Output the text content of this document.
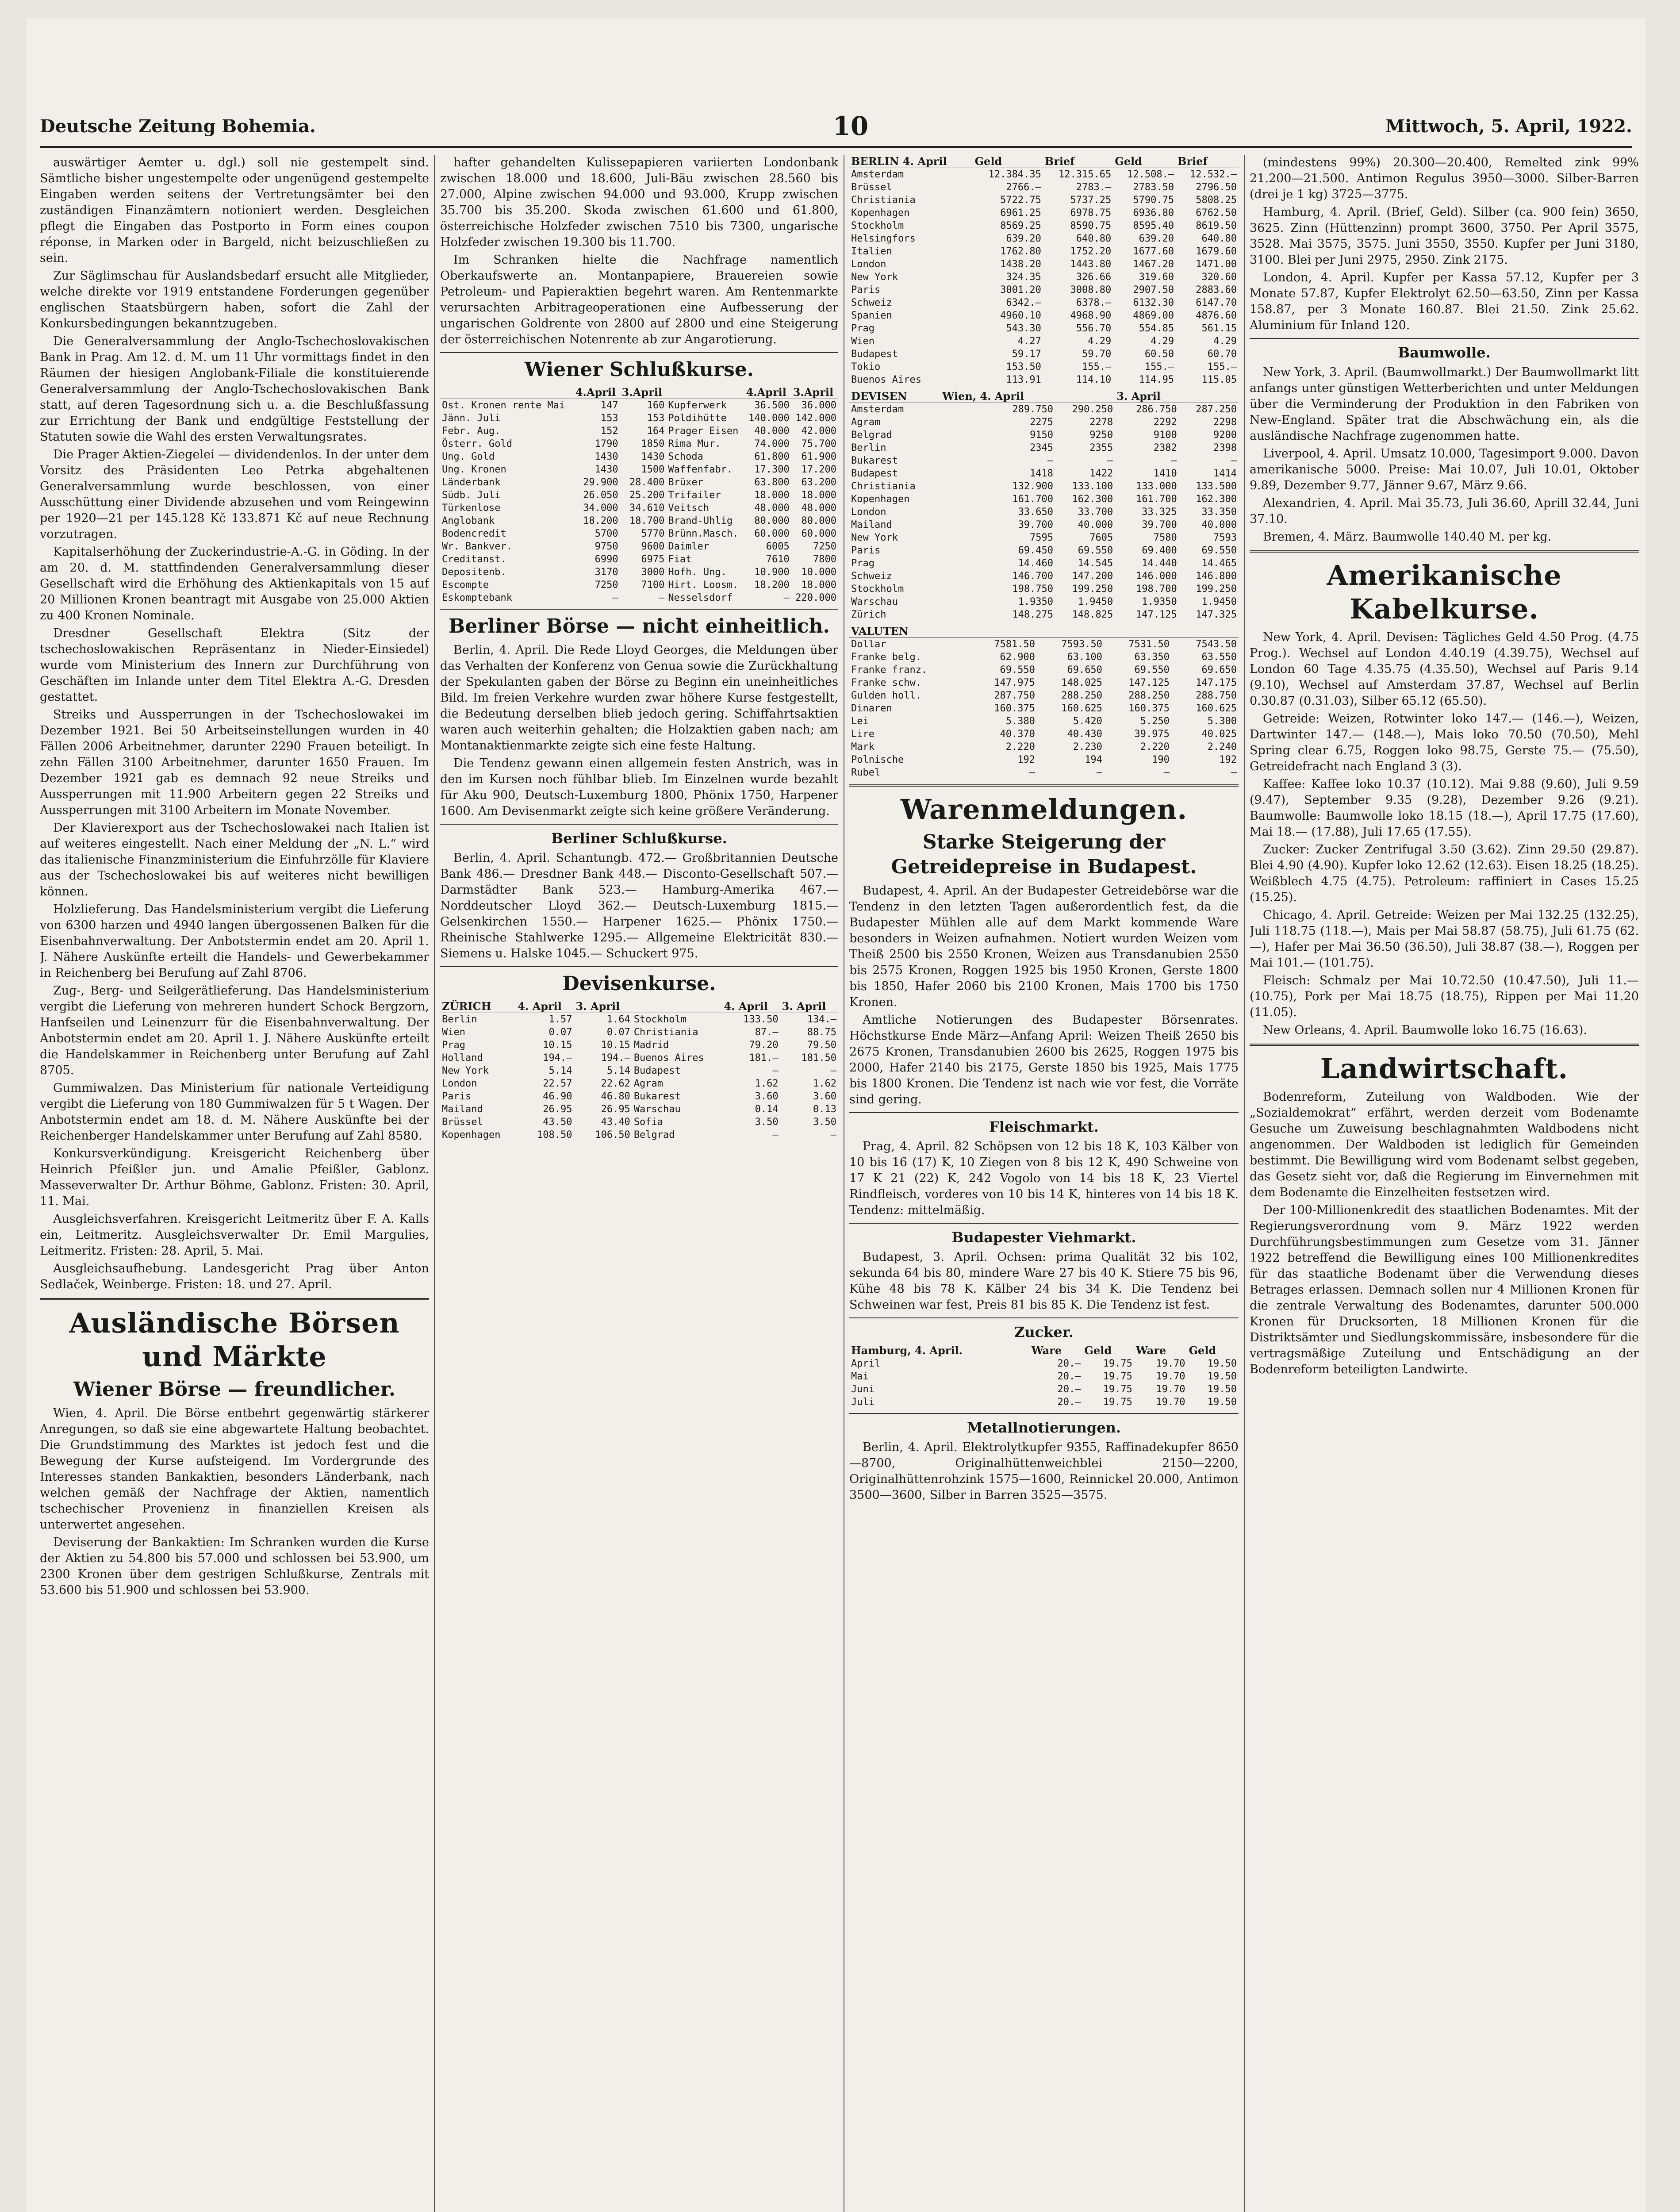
Deutsche Zeitung Bohemia.	10	Mittwoch, 5. April, 1922.

auswärtiger Aemter u. dgl.) soll nie gestempelt sind. Sämtliche bisher ungestempelte oder ungenügend gestempelte Eingaben werden seitens der Vertretungsämter bei den zuständigen Finanzämtern notioniert werden. Desgleichen pflegt die Eingaben das Postporto in Form eines coupon réponse, in Marken oder in Bargeld, nicht beizuschließen zu sein.

Zur Säglimschau für Auslandsbedarf ersucht alle Mitglieder, welche direkte vor 1919 entstandene Forderungen gegenüber englischen Staatsbürgern haben, sofort die Zahl der Konkursbedingungen bekanntzugeben.

Die Generalversammlung der Anglo-Tschechoslovakischen Bank in Prag. Am 12. d. M. um 11 Uhr vormittags findet in den Räumen der hiesigen Anglobank-Filiale die konstituierende Generalversammlung der Anglo-Tschechoslovakischen Bank statt, auf deren Tagesordnung sich u. a. die Beschlußfassung zur Errichtung der Bank und endgültige Feststellung der Statuten sowie die Wahl des ersten Verwaltungsrates.

Die Prager Aktien-Ziegelei — dividendenlos. In der unter dem Vorsitz des Präsidenten Leo Petrka abgehaltenen Generalversammlung wurde beschlossen, von einer Ausschüttung einer Dividende abzusehen und vom Reingewinn per 1920—21 per 145.128 Kč 133.871 Kč auf neue Rechnung vorzutragen.

Kapitalserhöhung der Zuckerindustrie-A.-G. in Göding. In der am 20. d. M. stattfindenden Generalversammlung dieser Gesellschaft wird die Erhöhung des Aktienkapitals von 15 auf 20 Millionen Kronen beantragt mit Ausgabe von 25.000 Aktien zu 400 Kronen Nominale.

Dresdner Gesellschaft Elektra (Sitz der tschechoslowakischen Repräsentanz in Nieder-Einsiedel) wurde vom Ministerium des Innern zur Durchführung von Geschäften im Inlande unter dem Titel Elektra A.-G. Dresden gestattet.

Streiks und Aussperrungen in der Tschechoslowakei im Dezember 1921. Bei 50 Arbeitseinstellungen wurden in 40 Fällen 2006 Arbeitnehmer, darunter 2290 Frauen beteiligt. In zehn Fällen 3100 Arbeitnehmer, darunter 1650 Frauen. Im Dezember 1921 gab es demnach 92 neue Streiks und Aussperrungen mit 11.900 Arbeitern gegen 22 Streiks und Aussperrungen mit 3100 Arbeitern im Monate November.

Der Klavierexport aus der Tschechoslowakei nach Italien ist auf weiteres eingestellt. Nach einer Meldung der „N. L.“ wird das italienische Finanzministerium die Einfuhrzölle für Klaviere aus der Tschechoslowakei bis auf weiteres nicht bewilligen können.

Holzlieferung. Das Handelsministerium vergibt die Lieferung von 6300 harzen und 4940 langen übergossenen Balken für die Eisenbahnverwaltung. Der Anbotstermin endet am 20. April 1. J. Nähere Auskünfte erteilt die Handels- und Gewerbekammer in Reichenberg bei Berufung auf Zahl 8706.

Zug-, Berg- und Seilgerätlieferung. Das Handelsministerium vergibt die Lieferung von mehreren hundert Schock Bergzorn, Hanfseilen und Leinenzurr für die Eisenbahnverwaltung. Der Anbotstermin endet am 20. April 1. J. Nähere Auskünfte erteilt die Handelskammer in Reichenberg unter Berufung auf Zahl 8705.

Gummiwalzen. Das Ministerium für nationale Verteidigung vergibt die Lieferung von 180 Gummiwalzen für 5 t Wagen. Der Anbotstermin endet am 18. d. M. Nähere Auskünfte bei der Reichenberger Handelskammer unter Berufung auf Zahl 8580.

Konkursverkündigung. Kreisgericht Reichenberg über Heinrich Pfeißler jun. und Amalie Pfeißler, Gablonz. Masseverwalter Dr. Arthur Böhme, Gablonz. Fristen: 30. April, 11. Mai.

Ausgleichsverfahren. Kreisgericht Leitmeritz über F. A. Kalls ein, Leitmeritz. Ausgleichsverwalter Dr. Emil Margulies, Leitmeritz. Fristen: 28. April, 5. Mai.

Ausgleichsaufhebung. Landesgericht Prag über Anton Sedlaček, Weinberge. Fristen: 18. und 27. April.

Ausländische Börsen und Märkte
Wiener Börse — freundlicher.

Wien, 4. April. Die Börse entbehrt gegenwärtig stärkerer Anregungen, so daß sie eine abgewartete Haltung beobachtet. Die Grundstimmung des Marktes ist jedoch fest und die Bewegung der Kurse aufsteigend. Im Vordergrunde des Interesses standen Bankaktien, besonders Länderbank, nach welchen gemäß der Nachfrage der Aktien, namentlich tschechischer Provenienz in finanziellen Kreisen als unterwertet angesehen.

Deviserung der Bankaktien: Im Schranken wurden die Kurse der Aktien zu 54.800 bis 57.000 und schlossen bei 53.900, um 2300 Kronen über dem gestrigen Schlußkurse, Zentrals mit 53.600 bis 51.900 und schlossen bei 53.900.

hafter gehandelten Kulissepapieren variierten Londonbank zwischen 18.000 und 18.600, Juli-Bäu zwischen 28.560 bis 27.000, Alpine zwischen 94.000 und 93.000, Krupp zwischen 35.700 bis 35.200. Skoda zwischen 61.600 und 61.800, österreichische Holzfeder zwischen 7510 bis 7300, ungarische Holzfeder zwischen 19.300 bis 11.700.

Im Schranken hielte die Nachfrage namentlich Oberkaufswerte an. Montanpapiere, Brauereien sowie Petroleum- und Papieraktien begehrt waren. Am Rentenmarkte verursachten Arbitrageoperationen eine Aufbesserung der ungarischen Goldrente von 2800 auf 2800 und eine Steigerung der österreichischen Notenrente ab zur Angarotierung.

Wiener Schlußkurse.
	4.April	3.April		4.April	3.April
Ost. Kronen rente Mai	147	160	Kupferwerk	36.500	36.000
Jänn. Juli	153	153	Poldihütte	140.000	142.000
Febr. Aug.	152	164	Prager Eisen	40.000	42.000
Österr. Gold	1790	1850	Rima Mur.	74.000	75.700
Ung. Gold	1430	1430	Schoda	61.800	61.900
Ung. Kronen	1430	1500	Waffenfabr.	17.300	17.200
Länderbank	29.900	28.400	Brüxer	63.800	63.200
Südb. Juli	26.050	25.200	Trifailer	18.000	18.000
Türkenlose	34.000	34.610	Veitsch	48.000	48.000
Anglobank	18.200	18.700	Brand-Uhlig	80.000	80.000
Bodencredit	5700	5770	Brünn.Masch.	60.000	60.000
Wr. Bankver.	9750	9600	Daimler	6005	7250
Creditanst.	6990	6975	Fiat	7610	7800
Depositenb.	3170	3000	Hofh. Ung.	10.900	10.000
Escompte	7250	7100	Hirt. Loosm.	18.200	18.000
Eskomptebank	—	—	Nesselsdorf	—	220.000
Berliner Börse — nicht einheitlich.

Berlin, 4. April. Die Rede Lloyd Georges, die Meldungen über das Verhalten der Konferenz von Genua sowie die Zurückhaltung der Spekulanten gaben der Börse zu Beginn ein uneinheitliches Bild. Im freien Verkehre wurden zwar höhere Kurse festgestellt, die Bedeutung derselben blieb jedoch gering. Schiffahrtsaktien waren auch weiterhin gehalten; die Holzaktien gaben nach; am Montanaktienmarkte zeigte sich eine feste Haltung.

Die Tendenz gewann einen allgemein festen Anstrich, was in den im Kursen noch fühlbar blieb. Im Einzelnen wurde bezahlt für Aku 900, Deutsch-Luxemburg 1800, Phönix 1750, Harpener 1600. Am Devisenmarkt zeigte sich keine größere Veränderung.

Berliner Schlußkurse.

Berlin, 4. April. Schantungb. 472.— Großbritannien Deutsche Bank 486.— Dresdner Bank 448.— Disconto-Gesellschaft 507.— Darmstädter Bank 523.— Hamburg-Amerika 467.— Norddeutscher Lloyd 362.— Deutsch-Luxemburg 1815.— Gelsenkirchen 1550.— Harpener 1625.— Phönix 1750.— Rheinische Stahlwerke 1295.— Allgemeine Elektricität 830.— Siemens u. Halske 1045.— Schuckert 975.

Devisenkurse.
ZÜRICH	4. April	3. April		4. April	3. April
Berlin	1.57	1.64	Stockholm	133.50	134.—
Wien	0.07	0.07	Christiania	87.—	88.75
Prag	10.15	10.15	Madrid	79.20	79.50
Holland	194.—	194.—	Buenos Aires	181.—	181.50
New York	5.14	5.14	Budapest	—	—
London	22.57	22.62	Agram	1.62	1.62
Paris	46.90	46.80	Bukarest	3.60	3.60
Mailand	26.95	26.95	Warschau	0.14	0.13
Brüssel	43.50	43.40	Sofia	3.50	3.50
Kopenhagen	108.50	106.50	Belgrad	—	—
BERLIN 4. April	Geld	Brief	Geld	Brief
Amsterdam	12.384.35	12.315.65	12.508.—	12.532.—
Brüssel	2766.—	2783.—	2783.50	2796.50
Christiania	5722.75	5737.25	5790.75	5808.25
Kopenhagen	6961.25	6978.75	6936.80	6762.50
Stockholm	8569.25	8590.75	8595.40	8619.50
Helsingfors	639.20	640.80	639.20	640.80
Italien	1762.80	1752.20	1677.60	1679.60
London	1438.20	1443.80	1467.20	1471.00
New York	324.35	326.66	319.60	320.60
Paris	3001.20	3008.80	2907.50	2883.60
Schweiz	6342.—	6378.—	6132.30	6147.70
Spanien	4960.10	4968.90	4869.00	4876.60
Prag	543.30	556.70	554.85	561.15
Wien	4.27	4.29	4.29	4.29
Budapest	59.17	59.70	60.50	60.70
Tokio	153.50	155.—	155.—	155.—
Buenos Aires	113.91	114.10	114.95	115.05
DEVISEN	Wien, 4. April		3. April	
Amsterdam	289.750	290.250	286.750	287.250
Agram	2275	2278	2292	2298
Belgrad	9150	9250	9100	9200
Berlin	2345	2355	2382	2398
Bukarest	—	—	—	—
Budapest	1418	1422	1410	1414
Christiania	132.900	133.100	133.000	133.500
Kopenhagen	161.700	162.300	161.700	162.300
London	33.650	33.700	33.325	33.350
Mailand	39.700	40.000	39.700	40.000
New York	7595	7605	7580	7593
Paris	69.450	69.550	69.400	69.550
Prag	14.460	14.545	14.440	14.465
Schweiz	146.700	147.200	146.000	146.800
Stockholm	198.750	199.250	198.700	199.250
Warschau	1.9350	1.9450	1.9350	1.9450
Zürich	148.275	148.825	147.125	147.325
VALUTEN				
Dollar	7581.50	7593.50	7531.50	7543.50
Franke belg.	62.900	63.100	63.350	63.550
Franke franz.	69.550	69.650	69.550	69.650
Franke schw.	147.975	148.025	147.125	147.175
Gulden holl.	287.750	288.250	288.250	288.750
Dinaren	160.375	160.625	160.375	160.625
Lei	5.380	5.420	5.250	5.300
Lire	40.370	40.430	39.975	40.025
Mark	2.220	2.230	2.220	2.240
Polnische	192	194	190	192
Rubel	—	—	—	—
Warenmeldungen.
Starke Steigerung der Getreidepreise in Budapest.

Budapest, 4. April. An der Budapester Getreidebörse war die Tendenz in den letzten Tagen außerordentlich fest, da die Budapester Mühlen alle auf dem Markt kommende Ware besonders in Weizen aufnahmen. Notiert wurden Weizen vom Theiß 2500 bis 2550 Kronen, Weizen aus Transdanubien 2550 bis 2575 Kronen, Roggen 1925 bis 1950 Kronen, Gerste 1800 bis 1850, Hafer 2060 bis 2100 Kronen, Mais 1700 bis 1750 Kronen.

Amtliche Notierungen des Budapester Börsenrates. Höchstkurse Ende März—Anfang April: Weizen Theiß 2650 bis 2675 Kronen, Transdanubien 2600 bis 2625, Roggen 1975 bis 2000, Hafer 2140 bis 2175, Gerste 1850 bis 1925, Mais 1775 bis 1800 Kronen. Die Tendenz ist nach wie vor fest, die Vorräte sind gering.

Fleischmarkt.

Prag, 4. April. 82 Schöpsen von 12 bis 18 K, 103 Kälber von 10 bis 16 (17) K, 10 Ziegen von 8 bis 12 K, 490 Schweine von 17 K 21 (22) K, 242 Vogolo von 14 bis 18 K, 23 Viertel Rindfleisch, vorderes von 10 bis 14 K, hinteres von 14 bis 18 K. Tendenz: mittelmäßig.

Budapester Viehmarkt.

Budapest, 3. April. Ochsen: prima Qualität 32 bis 102, sekunda 64 bis 80, mindere Ware 27 bis 40 K. Stiere 75 bis 96, Kühe 48 bis 78 K. Kälber 24 bis 34 K. Die Tendenz bei Schweinen war fest, Preis 81 bis 85 K. Die Tendenz ist fest.

Zucker.
Hamburg, 4. April.	Ware	Geld	Ware	Geld
April	20.—	19.75	19.70	19.50
Mai	20.—	19.75	19.70	19.50
Juni	20.—	19.75	19.70	19.50
Juli	20.—	19.75	19.70	19.50
Metallnotierungen.

Berlin, 4. April. Elektrolytkupfer 9355, Raffinadekupfer 8650—8700, Originalhüttenweichblei 2150—2200, Originalhüttenrohzink 1575—1600, Reinnickel 20.000, Antimon 3500—3600, Silber in Barren 3525—3575.

(mindestens 99%) 20.300—20.400, Remelted zink 99% 21.200—21.500. Antimon Regulus 3950—3000. Silber-Barren (drei je 1 kg) 3725—3775.

Hamburg, 4. April. (Brief, Geld). Silber (ca. 900 fein) 3650, 3625. Zinn (Hüttenzinn) prompt 3600, 3750. Per April 3575, 3528. Mai 3575, 3575. Juni 3550, 3550. Kupfer per Juni 3180, 3100. Blei per Juni 2975, 2950. Zink 2175.

London, 4. April. Kupfer per Kassa 57.12, Kupfer per 3 Monate 57.87, Kupfer Elektrolyt 62.50—63.50, Zinn per Kassa 158.87, per 3 Monate 160.87. Blei 21.50. Zink 25.62. Aluminium für Inland 120.

Baumwolle.

New York, 3. April. (Baumwollmarkt.) Der Baumwollmarkt litt anfangs unter günstigen Wetterberichten und unter Meldungen über die Verminderung der Produktion in den Fabriken von New-England. Später trat die Abschwächung ein, als die ausländische Nachfrage zugenommen hatte.

Liverpool, 4. April. Umsatz 10.000, Tagesimport 9.000. Davon amerikanische 5000. Preise: Mai 10.07, Juli 10.01, Oktober 9.89, Dezember 9.77, Jänner 9.67, März 9.66.

Alexandrien, 4. April. Mai 35.73, Juli 36.60, Aprill 32.44, Juni 37.10.

Bremen, 4. März. Baumwolle 140.40 M. per kg.

Amerikanische Kabelkurse.

New York, 4. April. Devisen: Tägliches Geld 4.50 Prog. (4.75 Prog.). Wechsel auf London 4.40.19 (4.39.75), Wechsel auf London 60 Tage 4.35.75 (4.35.50), Wechsel auf Paris 9.14 (9.10), Wechsel auf Amsterdam 37.87, Wechsel auf Berlin 0.30.87 (0.31.03), Silber 65.12 (65.50).

Getreide: Weizen, Rotwinter loko 147.— (146.—), Weizen, Dartwinter 147.— (148.—), Mais loko 70.50 (70.50), Mehl Spring clear 6.75, Roggen loko 98.75, Gerste 75.— (75.50), Getreidefracht nach England 3 (3).

Kaffee: Kaffee loko 10.37 (10.12). Mai 9.88 (9.60), Juli 9.59 (9.47), September 9.35 (9.28), Dezember 9.26 (9.21). Baumwolle: Baumwolle loko 18.15 (18.—), April 17.75 (17.60), Mai 18.— (17.88), Juli 17.65 (17.55).

Zucker: Zucker Zentrifugal 3.50 (3.62). Zinn 29.50 (29.87). Blei 4.90 (4.90). Kupfer loko 12.62 (12.63). Eisen 18.25 (18.25). Weißblech 4.75 (4.75). Petroleum: raffiniert in Cases 15.25 (15.25).

Chicago, 4. April. Getreide: Weizen per Mai 132.25 (132.25), Juli 118.75 (118.—), Mais per Mai 58.87 (58.75), Juli 61.75 (62.—), Hafer per Mai 36.50 (36.50), Juli 38.87 (38.—), Roggen per Mai 101.— (101.75).

Fleisch: Schmalz per Mai 10.72.50 (10.47.50), Juli 11.— (10.75), Pork per Mai 18.75 (18.75), Rippen per Mai 11.20 (11.05).

New Orleans, 4. April. Baumwolle loko 16.75 (16.63).

Landwirtschaft.

Bodenreform, Zuteilung von Waldboden. Wie der „Sozialdemokrat“ erfährt, werden derzeit vom Bodenamte Gesuche um Zuweisung beschlagnahmten Waldbodens nicht angenommen. Der Waldboden ist lediglich für Gemeinden bestimmt. Die Bewilligung wird vom Bodenamt selbst gegeben, das Gesetz sieht vor, daß die Regierung im Einvernehmen mit dem Bodenamte die Einzelheiten festsetzen wird.

Der 100-Millionenkredit des staatlichen Bodenamtes. Mit der Regierungsverordnung vom 9. März 1922 werden Durchführungsbestimmungen zum Gesetze vom 31. Jänner 1922 betreffend die Bewilligung eines 100 Millionenkredites für das staatliche Bodenamt über die Verwendung dieses Betrages erlassen. Demnach sollen nur 4 Millionen Kronen für die zentrale Verwaltung des Bodenamtes, darunter 500.000 Kronen für Drucksorten, 18 Millionen Kronen für die Distriktsämter und Siedlungskommissäre, insbesondere für die vertragsmäßige Zuteilung und Entschädigung an der Bodenreform beteiligten Landwirte.
